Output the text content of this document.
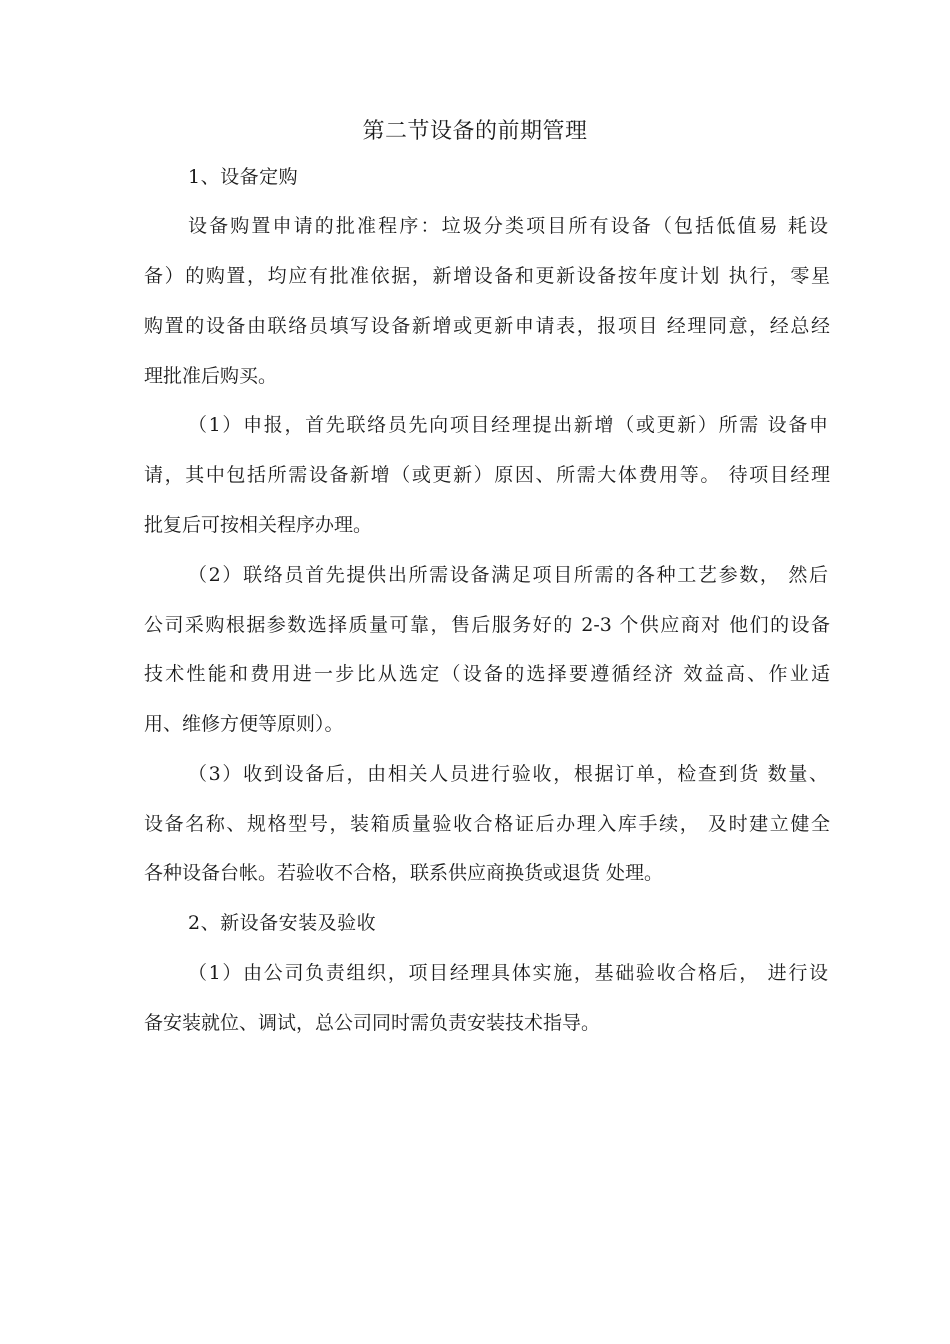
第二节设备的前期管理
1、设备定购
设备购置申请的批准程序：垃圾分类项目所有设备（包括低值易 耗设
备）的购置，均应有批准依据，新增设备和更新设备按年度计划 执行，零星
购置的设备由联络员填写设备新增或更新申请表，报项目 经理同意，经总经
理批准后购买。
（1）申报，首先联络员先向项目经理提出新增（或更新）所需 设备申
请，其中包括所需设备新增（或更新）原因、所需大体费用等。 待项目经理
批复后可按相关程序办理。
（2）联络员首先提供出所需设备满足项目所需的各种工艺参数， 然后
公司采购根据参数选择质量可靠，售后服务好的 2-3 个供应商对 他们的设备
技术性能和费用进一步比从选定（设备的选择要遵循经济 效益高、作业适
用、维修方便等原则）。
（3）收到设备后，由相关人员进行验收，根据订单，检查到货 数量、
设备名称、规格型号，装箱质量验收合格证后办理入库手续， 及时建立健全
各种设备台帐。若验收不合格，联系供应商换货或退货 处理。
2、新设备安装及验收
（1）由公司负责组织，项目经理具体实施，基础验收合格后， 进行设
备安装就位、调试，总公司同时需负责安装技术指导。
